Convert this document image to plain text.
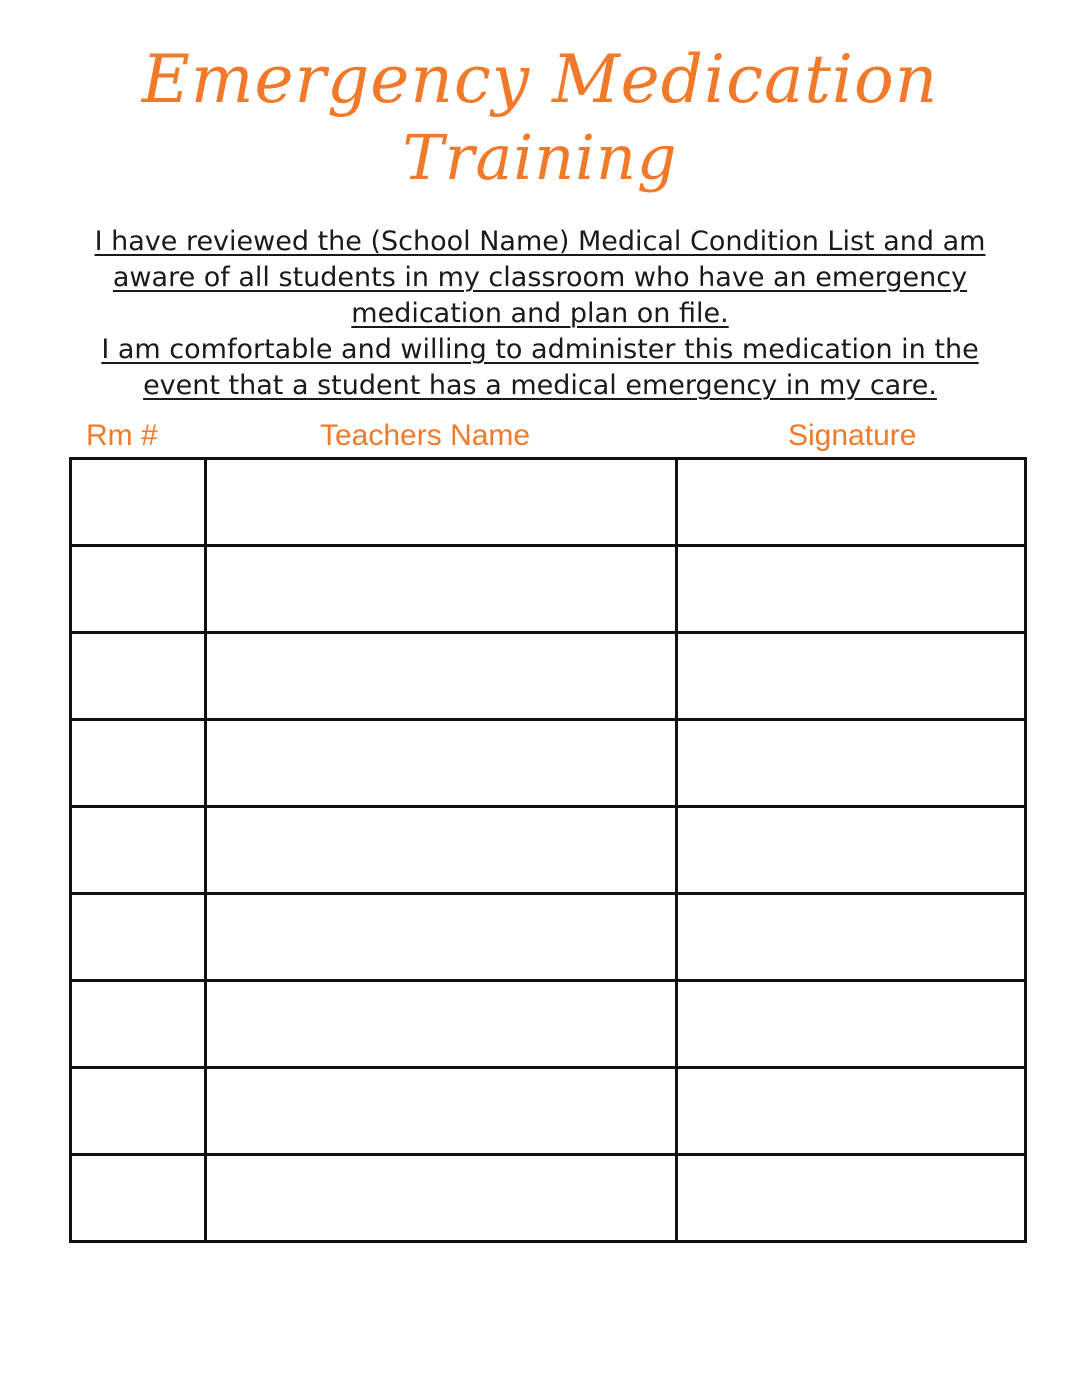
Emergency Medication
Training

I have reviewed the (School Name) Medical Condition List and am aware of all students in my classroom who have an emergency medication and plan on file.

I am comfortable and willing to administer this medication in the event that a student has a medical emergency in my care.

Rm #	Teachers Name	Signature
